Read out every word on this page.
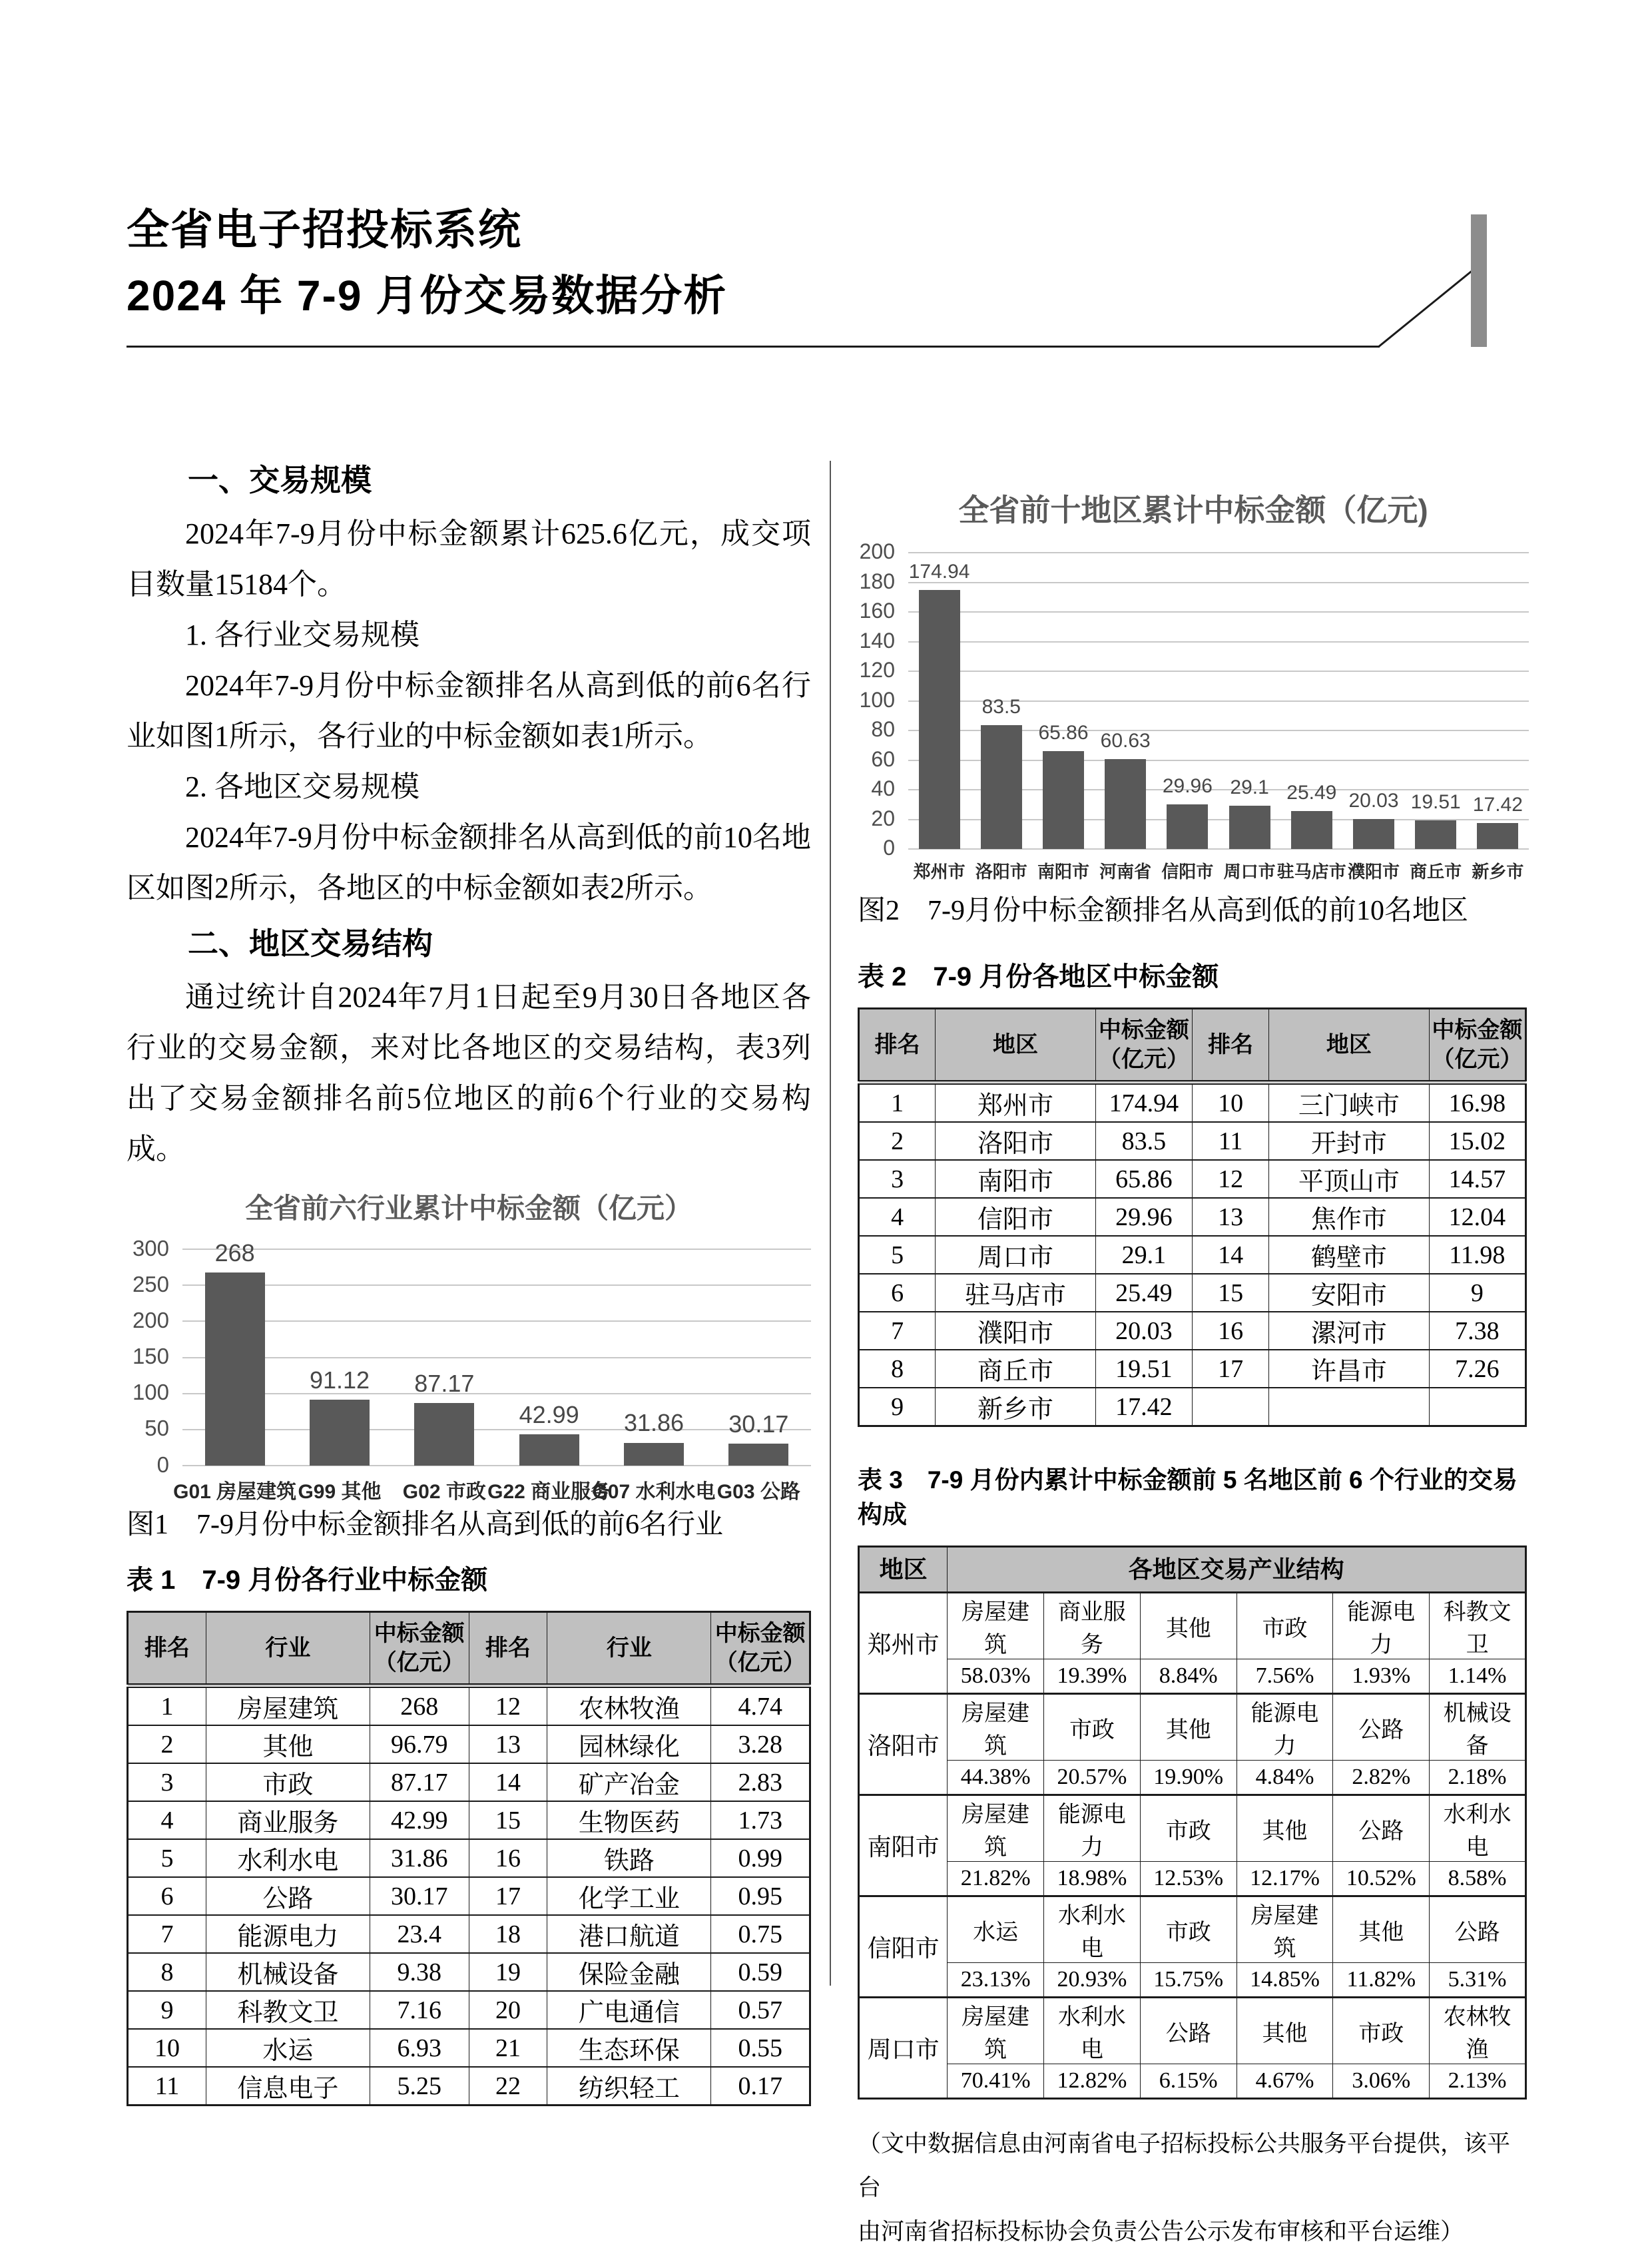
全省电子招投标系统
2024 年 7-9 月份交易数据分析
一、交易规模

2024年7-9月份中标金额累计625.6亿元，成交项目数量15184个。

1. 各行业交易规模

2024年7-9月份中标金额排名从高到低的前6名行业如图1所示，各行业的中标金额如表1所示。

2. 各地区交易规模

2024年7-9月份中标金额排名从高到低的前10名地区如图2所示，各地区的中标金额如表2所示。

二、地区交易结构

通过统计自2024年7月1日起至9月30日各地区各行业的交易金额，来对比各地区的交易结构，表3列出了交易金额排名前5位地区的前6个行业的交易构成。

全省前六行业累计中标金额（亿元）
0
50
100
150
200
250
300 268
G01 房屋建筑
91.12
G99 其他
87.17
G02 市政
42.99
G22 商业服务
31.86
G07 水利水电
30.17
G03 公路

图1　7-9月份中标金额排名从高到低的前6名行业

表 1　7-9 月份各行业中标金额
排名	行业	中标金额
（亿元）	排名	行业	中标金额
（亿元）
1	房屋建筑	268	12	农林牧渔	4.74
2	其他	96.79	13	园林绿化	3.28
3	市政	87.17	14	矿产冶金	2.83
4	商业服务	42.99	15	生物医药	1.73
5	水利水电	31.86	16	铁路	0.99
6	公路	30.17	17	化学工业	0.95
7	能源电力	23.4	18	港口航道	0.75
8	机械设备	9.38	19	保险金融	0.59
9	科教文卫	7.16	20	广电通信	0.57
10	水运	6.93	21	生态环保	0.55
11	信息电子	5.25	22	纺织轻工	0.17
全省前十地区累计中标金额（亿元)
0
20
40
60
80
100
120
140
160
180
200
174.94
郑州市
83.5
洛阳市
65.86
南阳市
60.63
河南省
29.96
信阳市
29.1
周口市
25.49
驻马店市
20.03
濮阳市
19.51
商丘市
17.42
新乡市

图2　7-9月份中标金额排名从高到低的前10名地区

表 2　7-9 月份各地区中标金额
排名	地区	中标金额
（亿元）	排名	地区	中标金额
（亿元）
1	郑州市	174.94	10	三门峡市	16.98
2	洛阳市	83.5	11	开封市	15.02
3	南阳市	65.86	12	平顶山市	14.57
4	信阳市	29.96	13	焦作市	12.04
5	周口市	29.1	14	鹤壁市	11.98
6	驻马店市	25.49	15	安阳市	9
7	濮阳市	20.03	16	漯河市	7.38
8	商丘市	19.51	17	许昌市	7.26
9	新乡市	17.42			
表 3　7-9 月份内累计中标金额前 5 名地区前 6 个行业的交易构成
地区	各地区交易产业结构					
郑州市	房屋建筑	商业服务	其他	市政	能源电力	科教文卫
	58.03%	19.39%	8.84%	7.56%	1.93%	1.14%
洛阳市	房屋建筑	市政	其他	能源电力	公路	机械设备
	44.38%	20.57%	19.90%	4.84%	2.82%	2.18%
南阳市	房屋建筑	能源电力	市政	其他	公路	水利水电
	21.82%	18.98%	12.53%	12.17%	10.52%	8.58%
信阳市	水运	水利水电	市政	房屋建筑	其他	公路
	23.13%	20.93%	15.75%	14.85%	11.82%	5.31%
周口市	房屋建筑	水利水电	公路	其他	市政	农林牧渔
	70.41%	12.82%	6.15%	4.67%	3.06%	2.13%

（文中数据信息由河南省电子招标投标公共服务平台提供，该平台
由河南省招标投标协会负责公告公示发布审核和平台运维）
